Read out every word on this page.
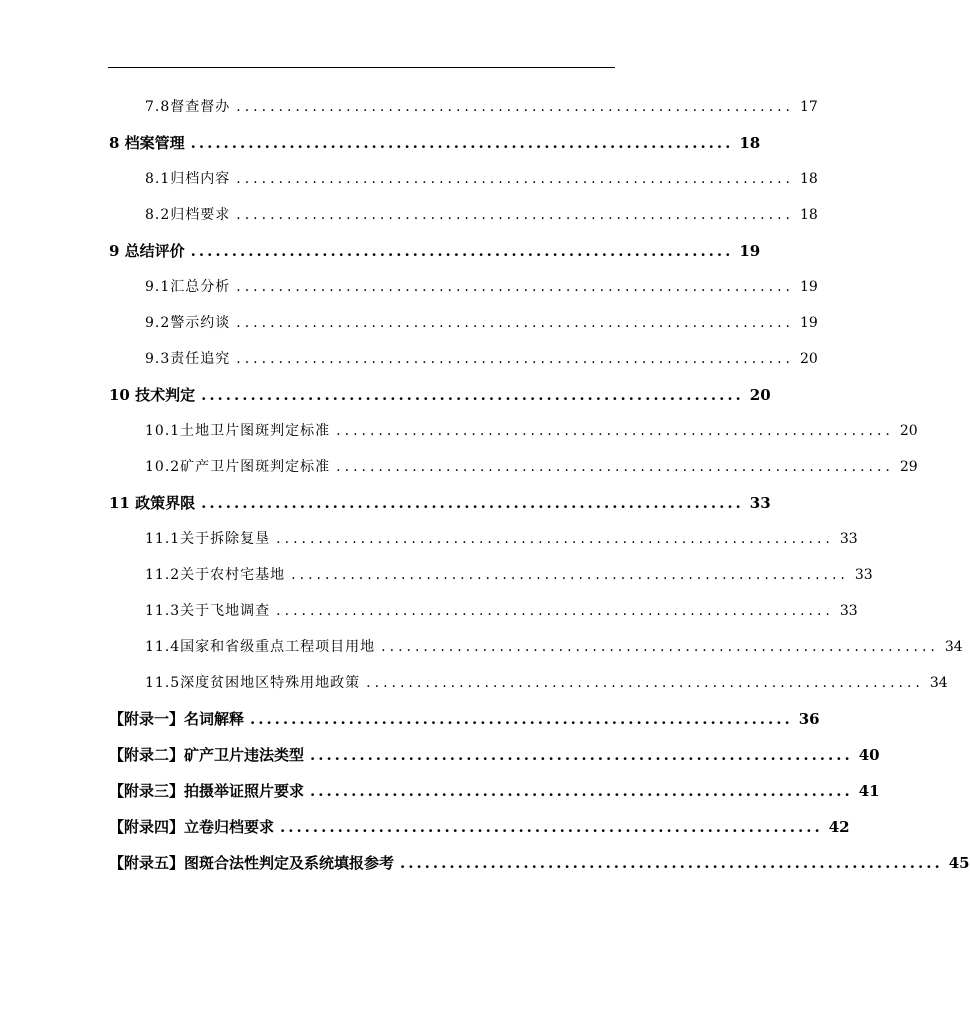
7.8督查督办 .................................................................. 17
8 档案管理 .................................................................. 18
8.1归档内容 .................................................................. 18
8.2归档要求 .................................................................. 18
9 总结评价 .................................................................. 19
9.1汇总分析 .................................................................. 19
9.2警示约谈 .................................................................. 19
9.3责任追究 .................................................................. 20
10 技术判定 .................................................................. 20
10.1土地卫片图斑判定标准 .................................................................. 20
10.2矿产卫片图斑判定标准 .................................................................. 29
11 政策界限 .................................................................. 33
11.1关于拆除复垦 .................................................................. 33
11.2关于农村宅基地 .................................................................. 33
11.3关于飞地调查 .................................................................. 33
11.4国家和省级重点工程项目用地 .................................................................. 34
11.5深度贫困地区特殊用地政策 .................................................................. 34
【附录一】名词解释 .................................................................. 36
【附录二】矿产卫片违法类型 .................................................................. 40
【附录三】拍摄举证照片要求 .................................................................. 41
【附录四】立卷归档要求 .................................................................. 42
【附录五】图斑合法性判定及系统填报参考 .................................................................. 45
